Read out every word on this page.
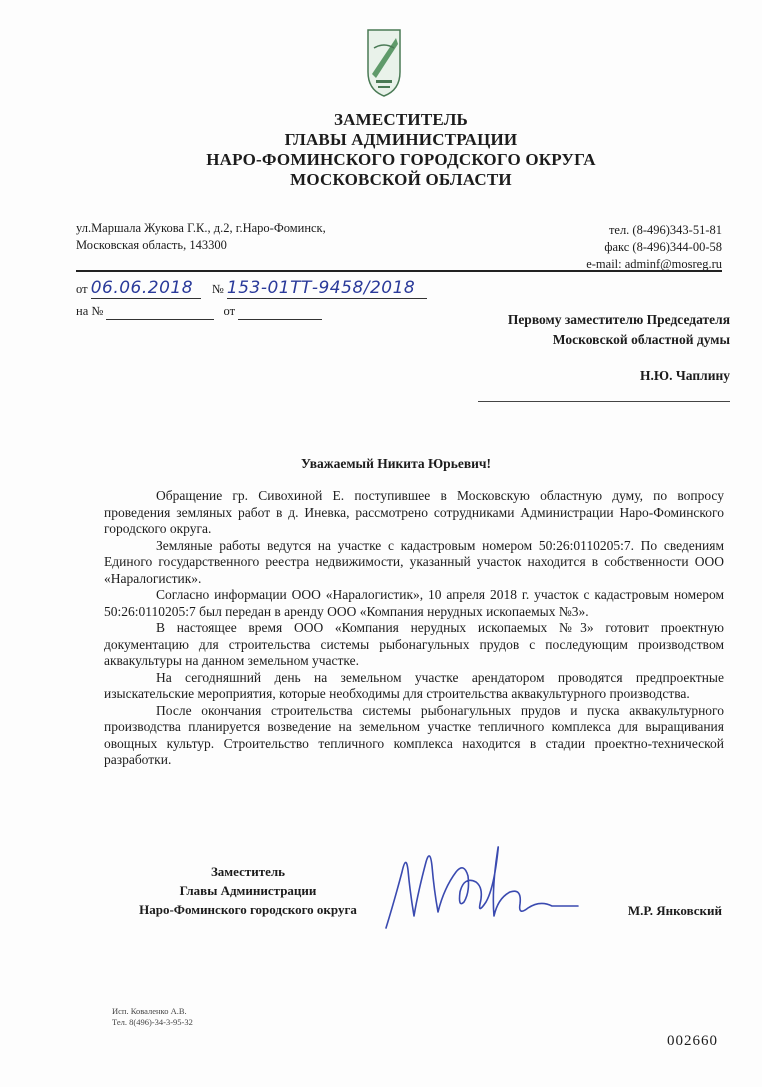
ЗАМЕСТИТЕЛЬ
ГЛАВЫ АДМИНИСТРАЦИИ
НАРО-ФОМИНСКОГО ГОРОДСКОГО ОКРУГА
МОСКОВСКОЙ ОБЛАСТИ
ул.Маршала Жукова Г.К., д.2, г.Наро-Фоминск,
Московская область, 143300
тел. (8-496)343-51-81
факс (8-496)344-00-58
e-mail: adminf@mosreg.ru
от 06.06.2018 № 153-01ТТ-9458/2018
на №	от
Первому заместителю Председателя
Московской областной думы
Н.Ю. Чаплину
Уважаемый Никита Юрьевич!

Обращение гр. Сивохиной Е. поступившее в Московскую областную думу, по вопросу проведения земляных работ в д. Иневка, рассмотрено сотрудниками Администрации Наро-Фоминского городского округа.

Земляные работы ведутся на участке с кадастровым номером 50:26:0110205:7. По сведениям Единого государственного реестра недвижимости, указанный участок находится в собственности ООО «Наралогистик».

Согласно информации ООО «Наралогистик», 10 апреля 2018 г. участок с кадастровым номером 50:26:0110205:7 был передан в аренду ООО «Компания нерудных ископаемых №3».

В настоящее время ООО «Компания нерудных ископаемых №3» готовит проектную документацию для строительства системы рыбонагульных прудов с последующим производством аквакультуры на данном земельном участке.

На сегодняшний день на земельном участке арендатором проводятся предпроектные изыскательские мероприятия, которые необходимы для строительства аквакультурного производства.

После окончания строительства системы рыбонагульных прудов и пуска аквакультурного производства планируется возведение на земельном участке тепличного комплекса для выращивания овощных культур. Строительство тепличного комплекса находится в стадии проектно-технической разработки.

Заместитель
Главы Администрации
Наро-Фоминского городского округа	М.Р. Янковский
Исп. Коваленко А.В.
Тел. 8(496)-34-3-95-32
002660
